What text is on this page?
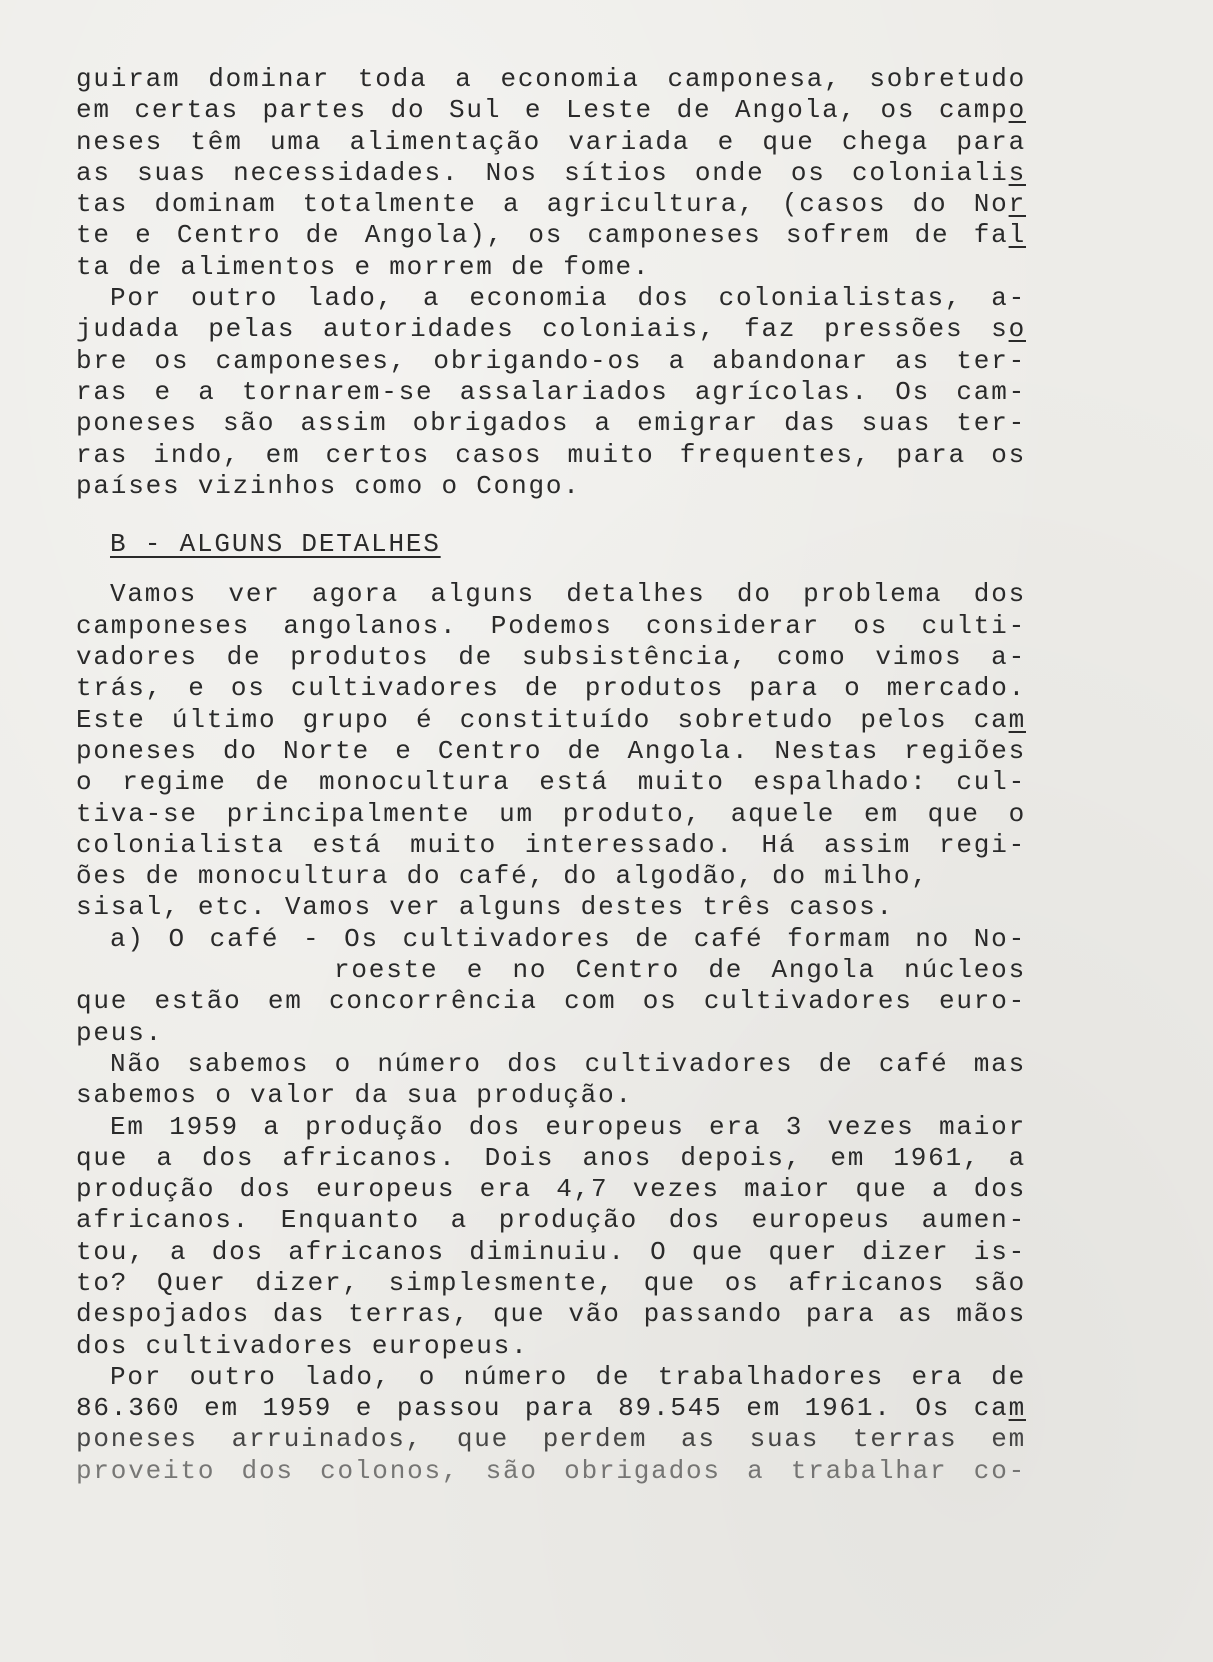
guiram dominar toda a economia camponesa, sobretudo
em certas partes do Sul e Leste de Angola, os campo
neses têm uma alimentação variada e que chega para
as suas necessidades. Nos sítios onde os colonialis
tas dominam totalmente a agricultura, (casos do Nor
te e Centro de Angola), os camponeses sofrem de fal
ta de alimentos e morrem de fome.
Por outro lado, a economia dos colonialistas, a-
judada pelas autoridades coloniais, faz pressões so
bre os camponeses, obrigando-os a abandonar as ter-
ras e a tornarem-se assalariados agrícolas. Os cam-
poneses são assim obrigados a emigrar das suas ter-
ras indo, em certos casos muito frequentes, para os
países vizinhos como o Congo.
B - ALGUNS DETALHES
Vamos ver agora alguns detalhes do problema dos
camponeses angolanos. Podemos considerar os culti-
vadores de produtos de subsistência, como vimos a-
trás, e os cultivadores de produtos para o mercado.
Este último grupo é constituído sobretudo pelos cam
poneses do Norte e Centro de Angola. Nestas regiões
o regime de monocultura está muito espalhado: cul-
tiva-se principalmente um produto, aquele em que o
colonialista está muito interessado. Há assim regi-
ões de monocultura do café, do algodão, do milho,
sisal, etc. Vamos ver alguns destes três casos.
a) O café - Os cultivadores de café formam no No-
roeste e no Centro de Angola núcleos
que estão em concorrência com os cultivadores euro-
peus.
Não sabemos o número dos cultivadores de café mas
sabemos o valor da sua produção.
Em 1959 a produção dos europeus era 3 vezes maior
que a dos africanos. Dois anos depois, em 1961, a
produção dos europeus era 4,7 vezes maior que a dos
africanos. Enquanto a produção dos europeus aumen-
tou, a dos africanos diminuiu. O que quer dizer is-
to? Quer dizer, simplesmente, que os africanos são
despojados das terras, que vão passando para as mãos
dos cultivadores europeus.
Por outro lado, o número de trabalhadores era de
86.360 em 1959 e passou para 89.545 em 1961. Os cam
poneses arruinados, que perdem as suas terras em
proveito dos colonos, são obrigados a trabalhar co-
